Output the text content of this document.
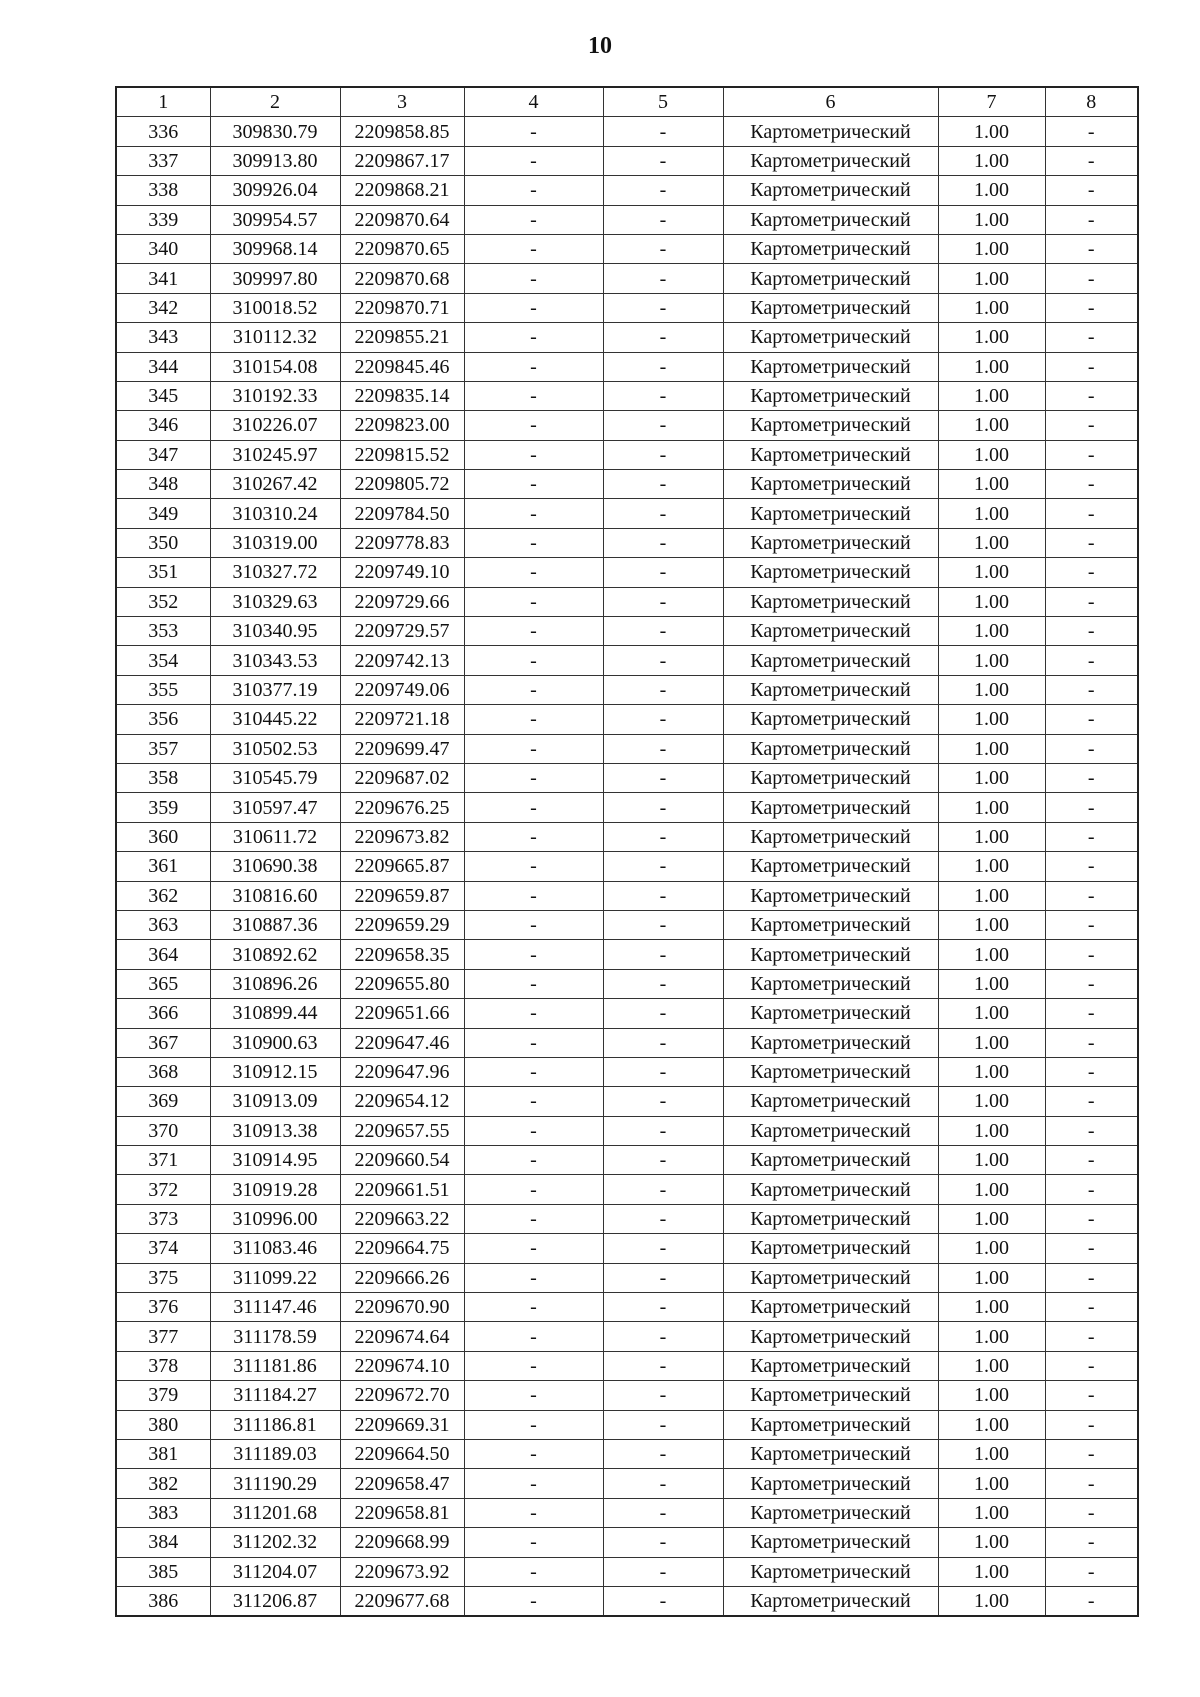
10
1	2	3	4	5	6	7	8
336	309830.79	2209858.85	-	-	Картометрический	1.00	-
337	309913.80	2209867.17	-	-	Картометрический	1.00	-
338	309926.04	2209868.21	-	-	Картометрический	1.00	-
339	309954.57	2209870.64	-	-	Картометрический	1.00	-
340	309968.14	2209870.65	-	-	Картометрический	1.00	-
341	309997.80	2209870.68	-	-	Картометрический	1.00	-
342	310018.52	2209870.71	-	-	Картометрический	1.00	-
343	310112.32	2209855.21	-	-	Картометрический	1.00	-
344	310154.08	2209845.46	-	-	Картометрический	1.00	-
345	310192.33	2209835.14	-	-	Картометрический	1.00	-
346	310226.07	2209823.00	-	-	Картометрический	1.00	-
347	310245.97	2209815.52	-	-	Картометрический	1.00	-
348	310267.42	2209805.72	-	-	Картометрический	1.00	-
349	310310.24	2209784.50	-	-	Картометрический	1.00	-
350	310319.00	2209778.83	-	-	Картометрический	1.00	-
351	310327.72	2209749.10	-	-	Картометрический	1.00	-
352	310329.63	2209729.66	-	-	Картометрический	1.00	-
353	310340.95	2209729.57	-	-	Картометрический	1.00	-
354	310343.53	2209742.13	-	-	Картометрический	1.00	-
355	310377.19	2209749.06	-	-	Картометрический	1.00	-
356	310445.22	2209721.18	-	-	Картометрический	1.00	-
357	310502.53	2209699.47	-	-	Картометрический	1.00	-
358	310545.79	2209687.02	-	-	Картометрический	1.00	-
359	310597.47	2209676.25	-	-	Картометрический	1.00	-
360	310611.72	2209673.82	-	-	Картометрический	1.00	-
361	310690.38	2209665.87	-	-	Картометрический	1.00	-
362	310816.60	2209659.87	-	-	Картометрический	1.00	-
363	310887.36	2209659.29	-	-	Картометрический	1.00	-
364	310892.62	2209658.35	-	-	Картометрический	1.00	-
365	310896.26	2209655.80	-	-	Картометрический	1.00	-
366	310899.44	2209651.66	-	-	Картометрический	1.00	-
367	310900.63	2209647.46	-	-	Картометрический	1.00	-
368	310912.15	2209647.96	-	-	Картометрический	1.00	-
369	310913.09	2209654.12	-	-	Картометрический	1.00	-
370	310913.38	2209657.55	-	-	Картометрический	1.00	-
371	310914.95	2209660.54	-	-	Картометрический	1.00	-
372	310919.28	2209661.51	-	-	Картометрический	1.00	-
373	310996.00	2209663.22	-	-	Картометрический	1.00	-
374	311083.46	2209664.75	-	-	Картометрический	1.00	-
375	311099.22	2209666.26	-	-	Картометрический	1.00	-
376	311147.46	2209670.90	-	-	Картометрический	1.00	-
377	311178.59	2209674.64	-	-	Картометрический	1.00	-
378	311181.86	2209674.10	-	-	Картометрический	1.00	-
379	311184.27	2209672.70	-	-	Картометрический	1.00	-
380	311186.81	2209669.31	-	-	Картометрический	1.00	-
381	311189.03	2209664.50	-	-	Картометрический	1.00	-
382	311190.29	2209658.47	-	-	Картометрический	1.00	-
383	311201.68	2209658.81	-	-	Картометрический	1.00	-
384	311202.32	2209668.99	-	-	Картометрический	1.00	-
385	311204.07	2209673.92	-	-	Картометрический	1.00	-
386	311206.87	2209677.68	-	-	Картометрический	1.00	-
